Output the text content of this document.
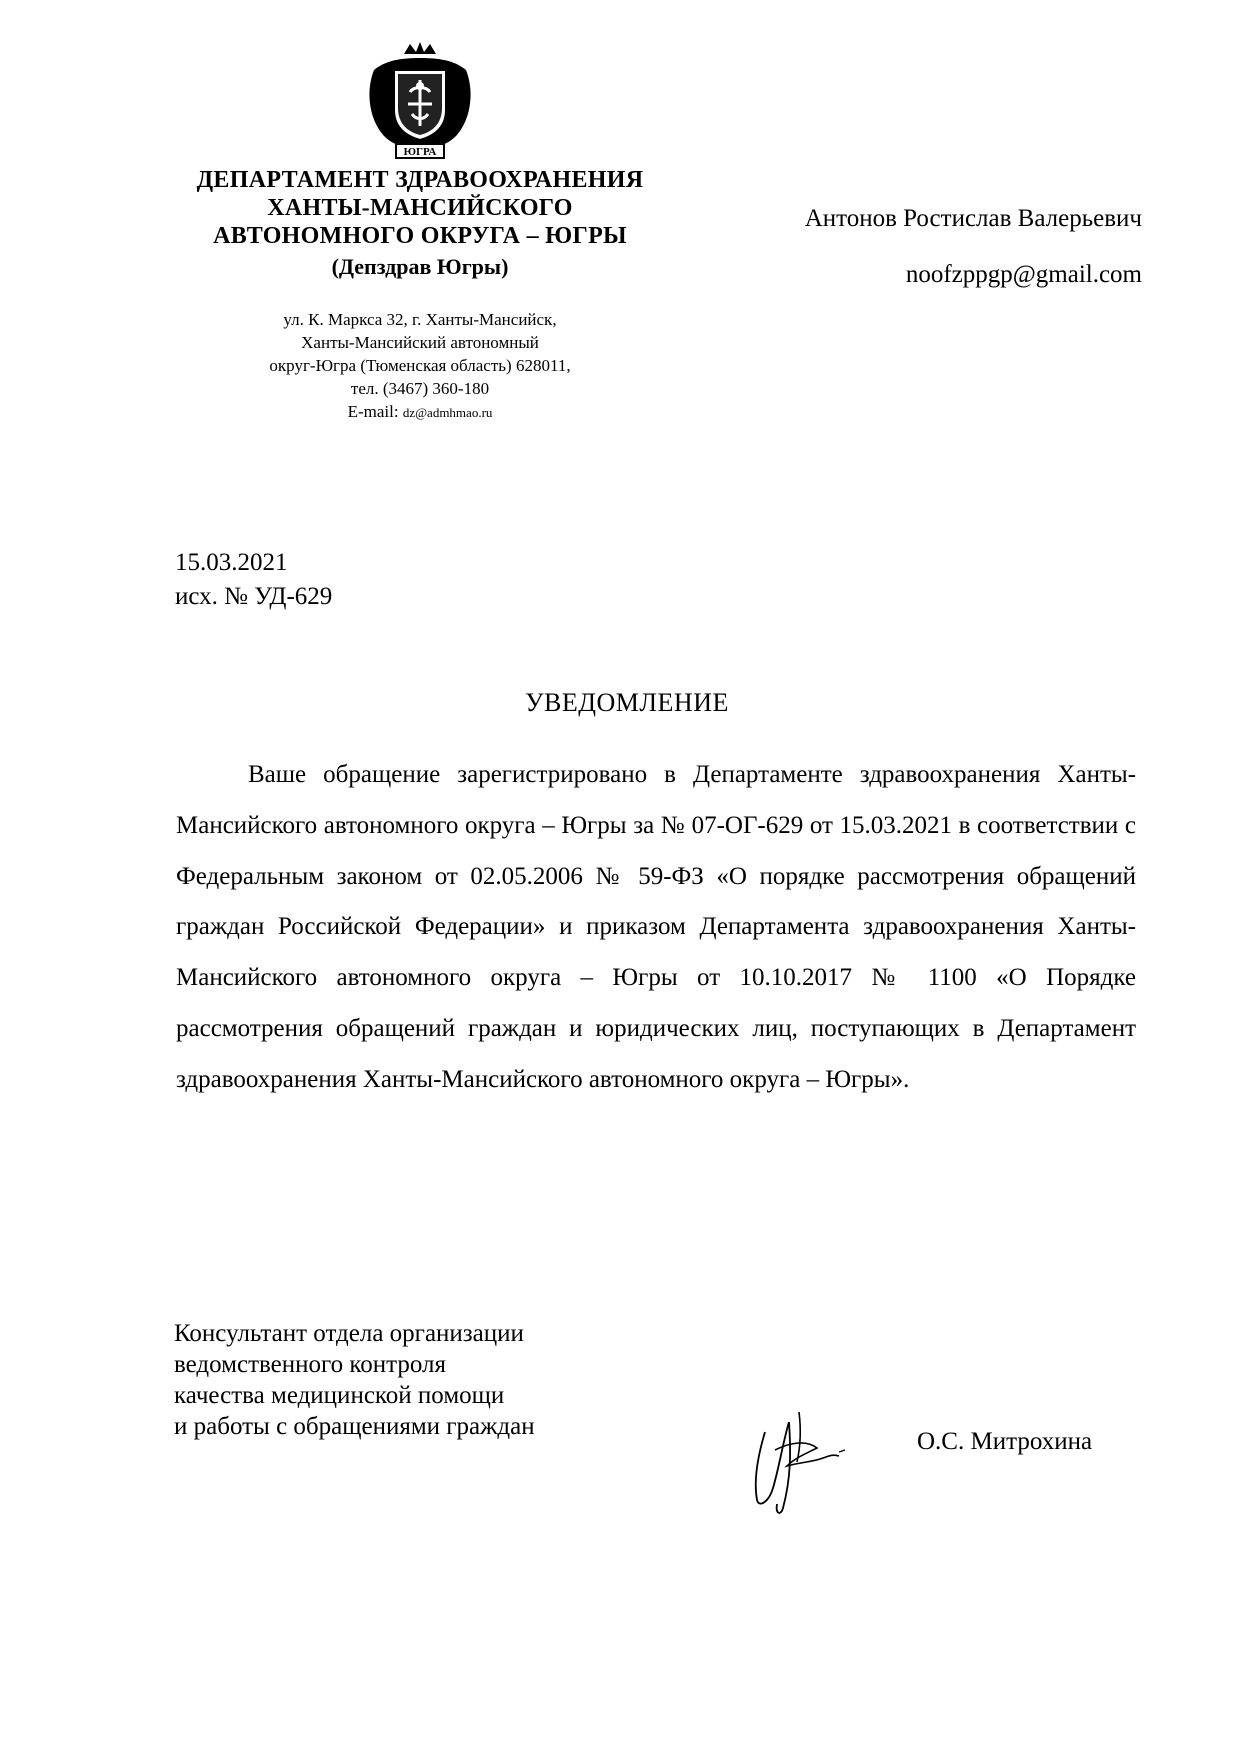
ЮГРА
ДЕПАРТАМЕНТ ЗДРАВООХРАНЕНИЯ
ХАНТЫ-МАНСИЙСКОГО
АВТОНОМНОГО ОКРУГА – ЮГРЫ
(Депздрав Югры)
ул. К. Маркса 32, г. Ханты-Мансийск,
Ханты-Мансийский автономный
округ-Югра (Тюменская область) 628011,
тел. (3467) 360-180
E-mail: dz@admhmao.ru
Антонов Ростислав Валерьевич
noofzppgp@gmail.com
15.03.2021
исх. № УД-629
УВЕДОМЛЕНИЕ

Ваше обращение зарегистрировано в Департаменте здравоохранения Ханты-Мансийского автономного округа – Югры за № 07-ОГ-629 от 15.03.2021 в соответствии с Федеральным законом от 02.05.2006 № 59-ФЗ «О порядке рассмотрения обращений граждан Российской Федерации» и приказом Департамента здравоохранения Ханты-Мансийского автономного округа – Югры от 10.10.2017 № 1100 «О Порядке рассмотрения обращений граждан и юридических лиц, поступающих в Департамент здравоохранения Ханты-Мансийского автономного округа – Югры».

Консультант отдела организации
ведомственного контроля
качества медицинской помощи
и работы с обращениями граждан
О.С. Митрохина
